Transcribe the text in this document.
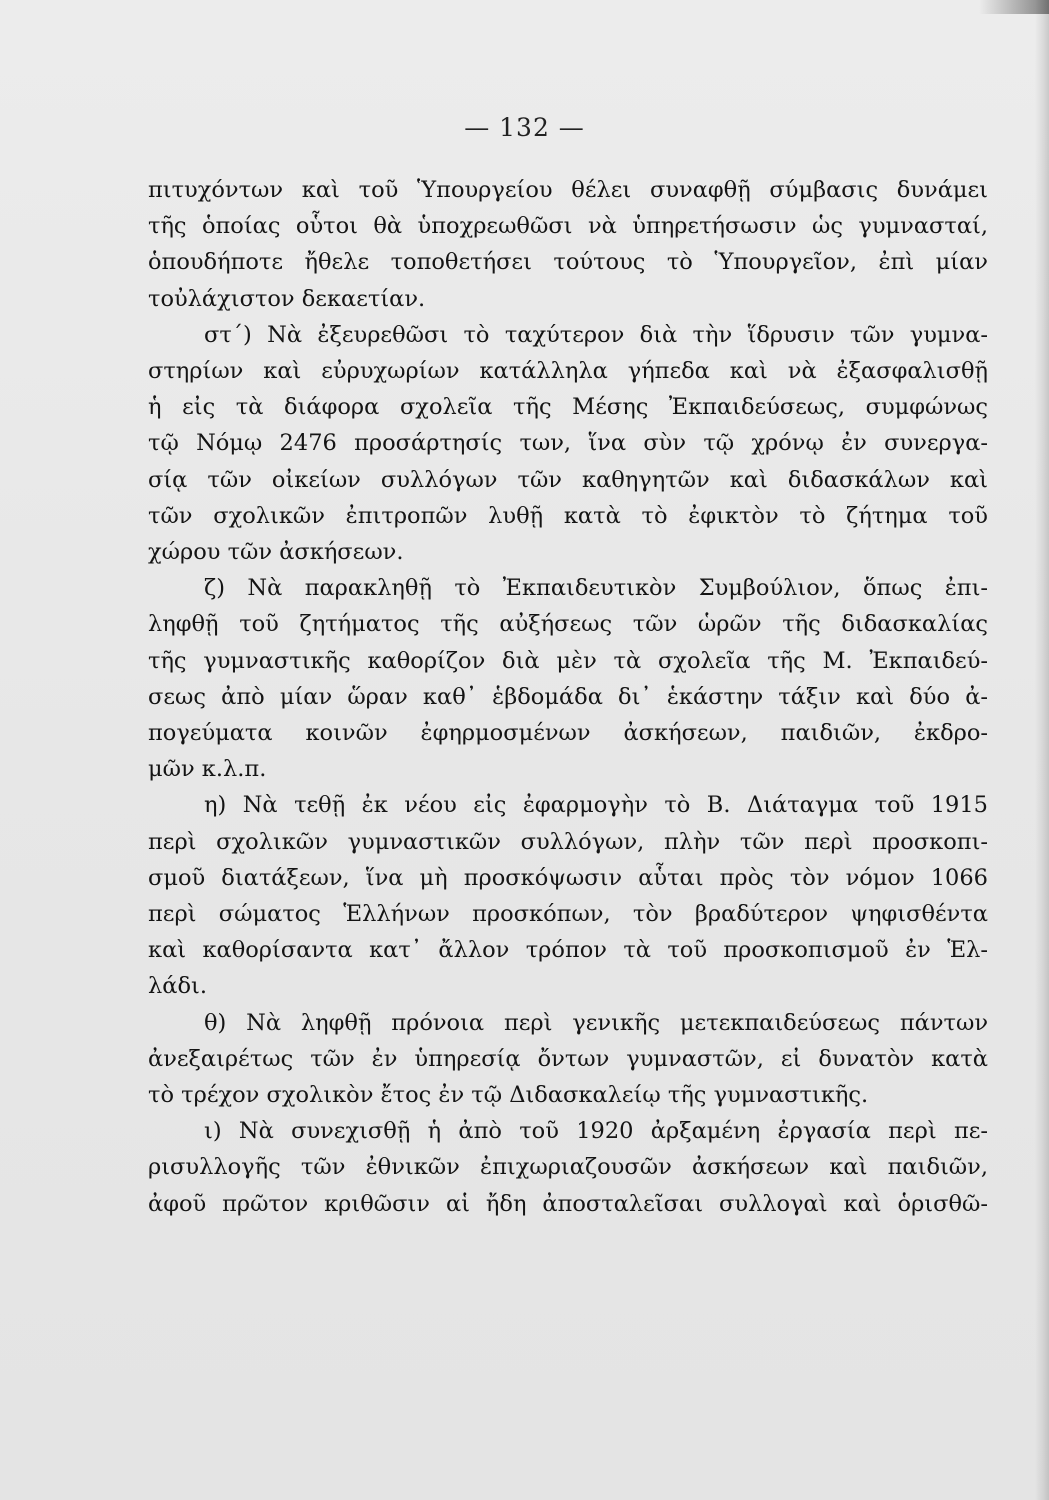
— 132 —
πιτυχόντων καὶ τοῦ Ὑπουργείου θέλει συναφθῇ σύμβασις δυνάμει
τῆς ὁποίας οὗτοι θὰ ὑποχρεωθῶσι νὰ ὑπηρετήσωσιν ὡς γυμνασταί,
ὁπουδήποτε ἤθελε τοποθετήσει τούτους τὸ Ὑπουργεῖον, ἐπὶ μίαν
τοὐλάχιστον δεκαετίαν.
στ΄) Νὰ ἐξευρεθῶσι τὸ ταχύτερον διὰ τὴν ἵδρυσιν τῶν γυμνα-
στηρίων καὶ εὐρυχωρίων κατάλληλα γήπεδα καὶ νὰ ἐξασφαλισθῇ
ἡ εἰς τὰ διάφορα σχολεῖα τῆς Μέσης Ἐκπαιδεύσεως, συμφώνως
τῷ Νόμῳ 2476 προσάρτησίς των, ἵνα σὺν τῷ χρόνῳ ἐν συνεργα-
σίᾳ τῶν οἰκείων συλλόγων τῶν καθηγητῶν καὶ διδασκάλων καὶ
τῶν σχολικῶν ἐπιτροπῶν λυθῇ κατὰ τὸ ἐφικτὸν τὸ ζήτημα τοῦ
χώρου τῶν ἀσκήσεων.
ζ) Νὰ παρακληθῇ τὸ Ἐκπαιδευτικὸν Συμβούλιον, ὅπως ἐπι-
ληφθῇ τοῦ ζητήματος τῆς αὐξήσεως τῶν ὡρῶν τῆς διδασκαλίας
τῆς γυμναστικῆς καθορίζον διὰ μὲν τὰ σχολεῖα τῆς Μ. Ἐκπαιδεύ-
σεως ἀπὸ μίαν ὥραν καθ᾽ ἑβδομάδα δι᾽ ἑκάστην τάξιν καὶ δύο ἀ-
πογεύματα κοινῶν ἐφηρμοσμένων ἀσκήσεων, παιδιῶν, ἐκδρο-
μῶν κ.λ.π.
η) Νὰ τεθῇ ἐκ νέου εἰς ἐφαρμογὴν τὸ Β. Διάταγμα τοῦ 1915
περὶ σχολικῶν γυμναστικῶν συλλόγων, πλὴν τῶν περὶ προσκοπι-
σμοῦ διατάξεων, ἵνα μὴ προσκόψωσιν αὗται πρὸς τὸν νόμον 1066
περὶ σώματος Ἑλλήνων προσκόπων, τὸν βραδύτερον ψηφισθέντα
καὶ καθορίσαντα κατ᾽ ἄλλον τρόπον τὰ τοῦ προσκοπισμοῦ ἐν Ἑλ-
λάδι.
θ) Νὰ ληφθῇ πρόνοια περὶ γενικῆς μετεκπαιδεύσεως πάντων
ἀνεξαιρέτως τῶν ἐν ὑπηρεσίᾳ ὄντων γυμναστῶν, εἰ δυνατὸν κατὰ
τὸ τρέχον σχολικὸν ἔτος ἐν τῷ Διδασκαλείῳ τῆς γυμναστικῆς.
ι) Νὰ συνεχισθῇ ἡ ἀπὸ τοῦ 1920 ἀρξαμένη ἐργασία περὶ πε-
ρισυλλογῆς τῶν ἐθνικῶν ἐπιχωριαζουσῶν ἀσκήσεων καὶ παιδιῶν,
ἀφοῦ πρῶτον κριθῶσιν αἱ ἤδη ἀποσταλεῖσαι συλλογαὶ καὶ ὁρισθῶ-
